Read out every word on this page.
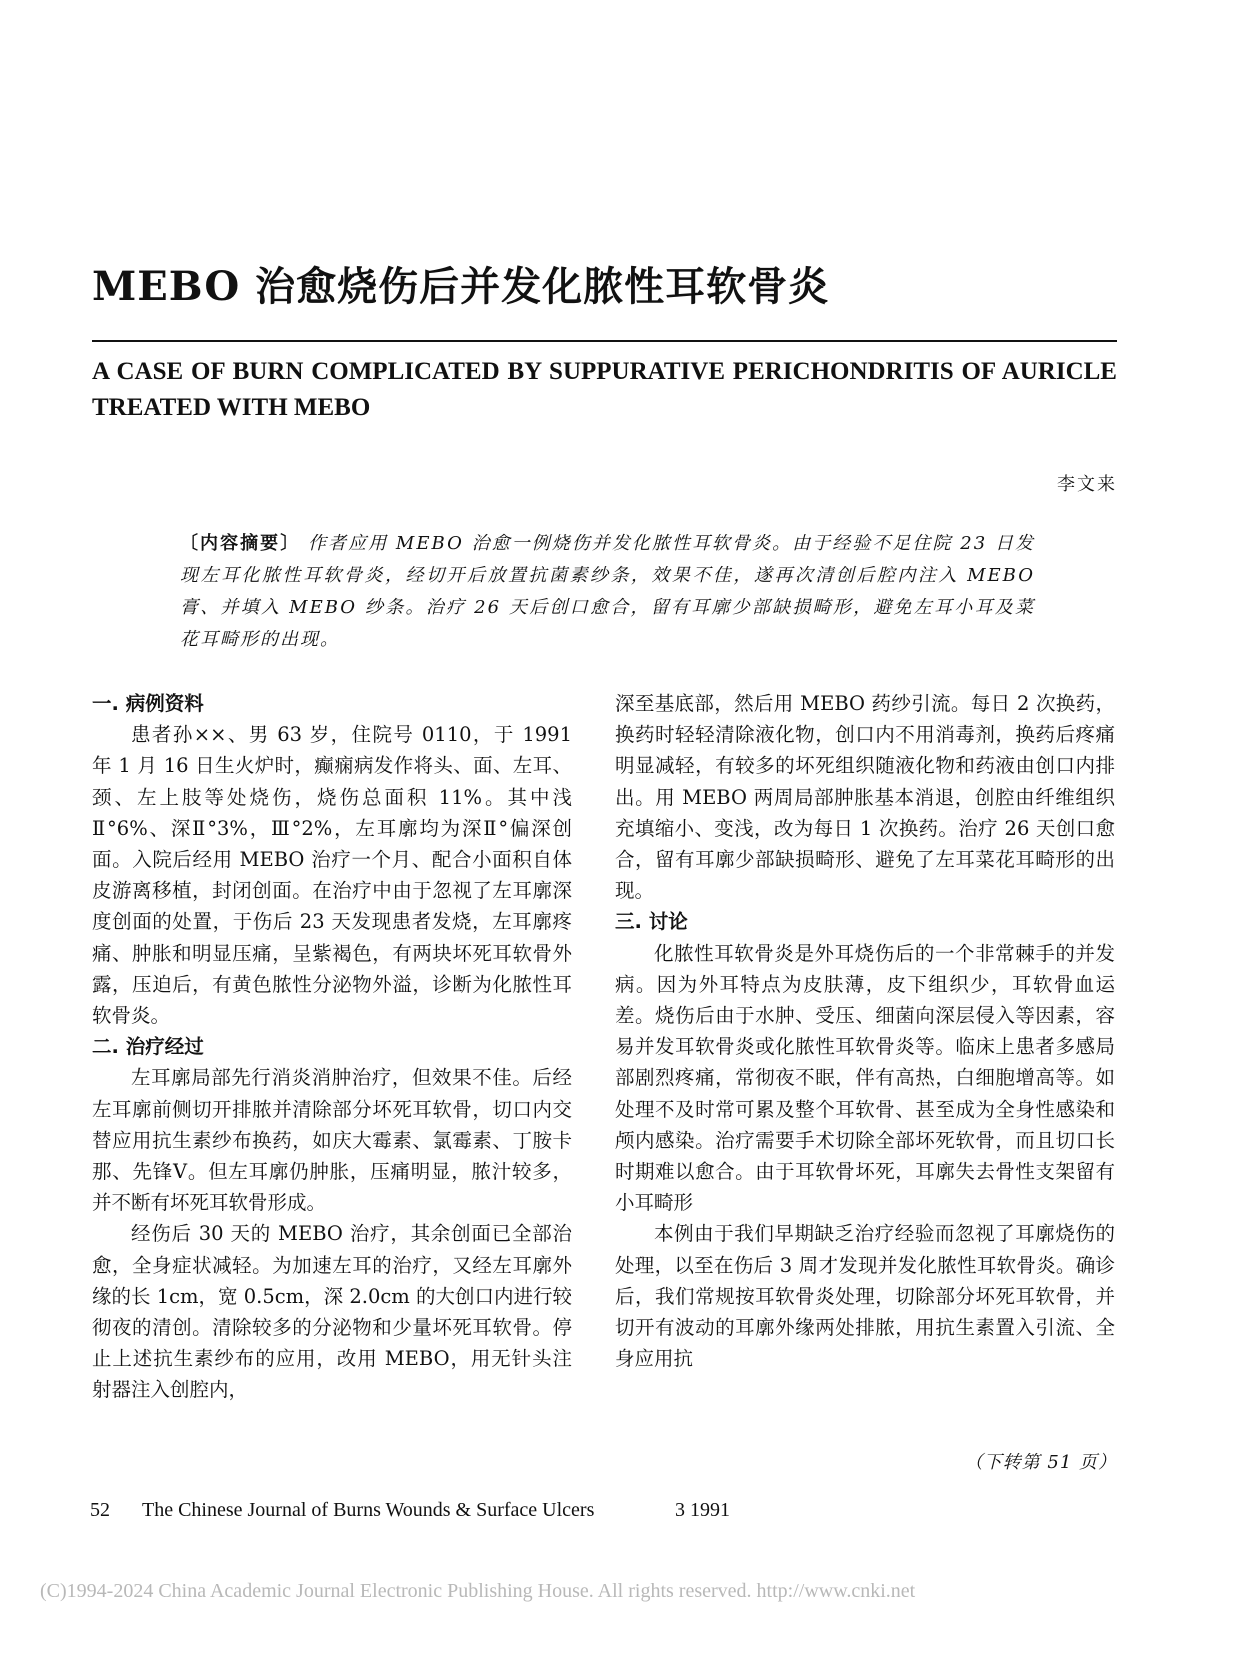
MEBO 治愈烧伤后并发化脓性耳软骨炎
A CASE OF BURN COMPLICATED BY SUPPURATIVE PERICHONDRITIS OF AURICLE TREATED WITH MEBO
李文来
〔内容摘要〕 作者应用 MEBO 治愈一例烧伤并发化脓性耳软骨炎。由于经验不足住院 23 日发现左耳化脓性耳软骨炎，经切开后放置抗菌素纱条，效果不佳，遂再次清创后腔内注入 MEBO 膏、并填入 MEBO 纱条。治疗 26 天后创口愈合，留有耳廓少部缺损畸形，避免左耳小耳及菜花耳畸形的出现。
一. 病例资料

患者孙××、男 63 岁，住院号 0110，于 1991 年 1 月 16 日生火炉时，癫痫病发作将头、面、左耳、颈、左上肢等处烧伤，烧伤总面积 11%。其中浅Ⅱ°6%、深Ⅱ°3%，Ⅲ°2%，左耳廓均为深Ⅱ°偏深创面。入院后经用 MEBO 治疗一个月、配合小面积自体皮游离移植，封闭创面。在治疗中由于忽视了左耳廓深度创面的处置，于伤后 23 天发现患者发烧，左耳廓疼痛、肿胀和明显压痛，呈紫褐色，有两块坏死耳软骨外露，压迫后，有黄色脓性分泌物外溢，诊断为化脓性耳软骨炎。

二. 治疗经过

左耳廓局部先行消炎消肿治疗，但效果不佳。后经左耳廓前侧切开排脓并清除部分坏死耳软骨，切口内交替应用抗生素纱布换药，如庆大霉素、氯霉素、丁胺卡那、先锋Ⅴ。但左耳廓仍肿胀，压痛明显，脓汁较多，并不断有坏死耳软骨形成。

经伤后 30 天的 MEBO 治疗，其余创面已全部治愈，全身症状减轻。为加速左耳的治疗，又经左耳廓外缘的长 1cm，宽 0.5cm，深 2.0cm 的大创口内进行较彻夜的清创。清除较多的分泌物和少量坏死耳软骨。停止上述抗生素纱布的应用，改用 MEBO，用无针头注射器注入创腔内，

深至基底部，然后用 MEBO 药纱引流。每日 2 次换药，换药时轻轻清除液化物，创口内不用消毒剂，换药后疼痛明显减轻，有较多的坏死组织随液化物和药液由创口内排出。用 MEBO 两周局部肿胀基本消退，创腔由纤维组织充填缩小、变浅，改为每日 1 次换药。治疗 26 天创口愈合，留有耳廓少部缺损畸形、避免了左耳菜花耳畸形的出现。

三. 讨论

化脓性耳软骨炎是外耳烧伤后的一个非常棘手的并发病。因为外耳特点为皮肤薄，皮下组织少，耳软骨血运差。烧伤后由于水肿、受压、细菌向深层侵入等因素，容易并发耳软骨炎或化脓性耳软骨炎等。临床上患者多感局部剧烈疼痛，常彻夜不眠，伴有高热，白细胞增高等。如处理不及时常可累及整个耳软骨、甚至成为全身性感染和颅内感染。治疗需要手术切除全部坏死软骨，而且切口长时期难以愈合。由于耳软骨坏死，耳廓失去骨性支架留有小耳畸形

本例由于我们早期缺乏治疗经验而忽视了耳廓烧伤的处理，以至在伤后 3 周才发现并发化脓性耳软骨炎。确诊后，我们常规按耳软骨炎处理，切除部分坏死耳软骨，并切开有波动的耳廓外缘两处排脓，用抗生素置入引流、全身应用抗

（下转第 51 页）
52 The Chinese Journal of Burns Wounds & Surface Ulcers	3 1991
(C)1994-2024 China Academic Journal Electronic Publishing House. All rights reserved. http://www.cnki.net
